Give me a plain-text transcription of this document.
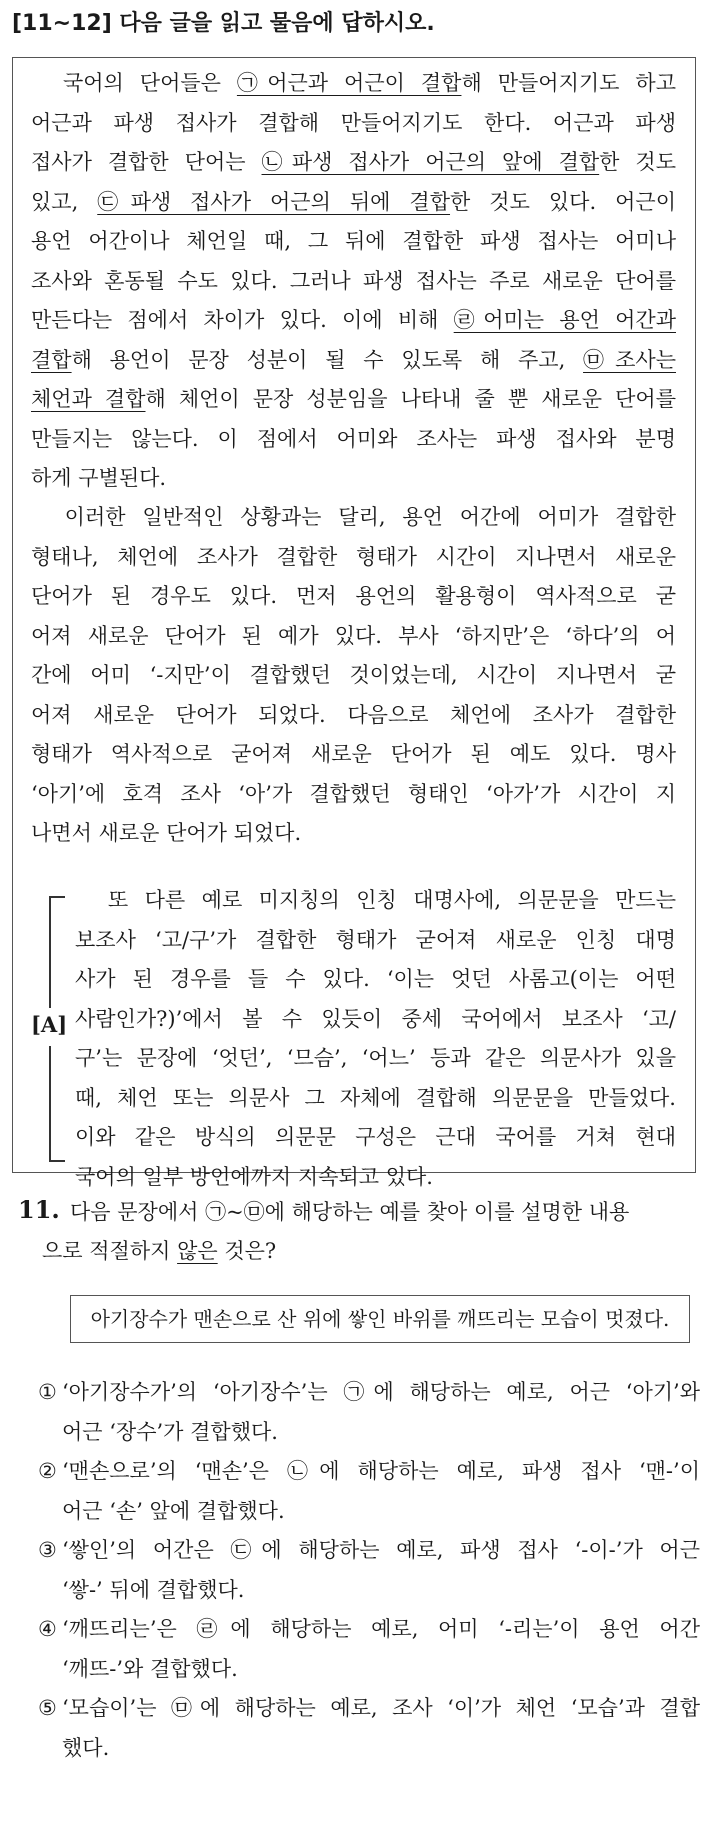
[11~12] 다음 글을 읽고 물음에 답하시오.
국어의 단어들은 ㉠어근과 어근이 결합해 만들어지기도 하고
어근과 파생 접사가 결합해 만들어지기도 한다. 어근과 파생
접사가 결합한 단어는 ㉡파생 접사가 어근의 앞에 결합한 것도
있고, ㉢파생 접사가 어근의 뒤에 결합한 것도 있다. 어근이
용언 어간이나 체언일 때, 그 뒤에 결합한 파생 접사는 어미나
조사와 혼동될 수도 있다. 그러나 파생 접사는 주로 새로운 단어를
만든다는 점에서 차이가 있다. 이에 비해 ㉣어미는 용언 어간과
결합해 용언이 문장 성분이 될 수 있도록 해 주고, ㉤조사는
체언과 결합해 체언이 문장 성분임을 나타내 줄 뿐 새로운 단어를
만들지는 않는다. 이 점에서 어미와 조사는 파생 접사와 분명
하게 구별된다.
이러한 일반적인 상황과는 달리, 용언 어간에 어미가 결합한
형태나, 체언에 조사가 결합한 형태가 시간이 지나면서 새로운
단어가 된 경우도 있다. 먼저 용언의 활용형이 역사적으로 굳
어져 새로운 단어가 된 예가 있다. 부사 ‘하지만’은 ‘하다’의 어
간에 어미 ‘-지만’이 결합했던 것이었는데, 시간이 지나면서 굳
어져 새로운 단어가 되었다. 다음으로 체언에 조사가 결합한
형태가 역사적으로 굳어져 새로운 단어가 된 예도 있다. 명사
‘아기’에 호격 조사 ‘아’가 결합했던 형태인 ‘아가’가 시간이 지
나면서 새로운 단어가 되었다.
[A]
또 다른 예로 미지칭의 인칭 대명사에, 의문문을 만드는
보조사 ‘고/구’가 결합한 형태가 굳어져 새로운 인칭 대명
사가 된 경우를 들 수 있다. ‘이는 엇던 사롬고(이는 어떤
사람인가?)’에서 볼 수 있듯이 중세 국어에서 보조사 ‘고/
구’는 문장에 ‘엇던’, ‘므슴’, ‘어느’ 등과 같은 의문사가 있을
때, 체언 또는 의문사 그 자체에 결합해 의문문을 만들었다.
이와 같은 방식의 의문문 구성은 근대 국어를 거쳐 현대
국어의 일부 방언에까지 지속되고 있다.
11. 다음 문장에서 ㉠~㉤에 해당하는 예를 찾아 이를 설명한 내용
으로 적절하지 않은 것은?
아기장수가 맨손으로 산 위에 쌓인 바위를 깨뜨리는 모습이 멋졌다.
① ‘아기장수가’의 ‘아기장수’는 ㉠에 해당하는 예로, 어근 ‘아기’와
어근 ‘장수’가 결합했다.
② ‘맨손으로’의 ‘맨손’은 ㉡에 해당하는 예로, 파생 접사 ‘맨-’이
어근 ‘손’ 앞에 결합했다.
③ ‘쌓인’의 어간은 ㉢에 해당하는 예로, 파생 접사 ‘-이-’가 어근
‘쌓-’ 뒤에 결합했다.
④ ‘깨뜨리는’은 ㉣에 해당하는 예로, 어미 ‘-리는’이 용언 어간
‘깨뜨-’와 결합했다.
⑤ ‘모습이’는 ㉤에 해당하는 예로, 조사 ‘이’가 체언 ‘모습’과 결합
했다.
